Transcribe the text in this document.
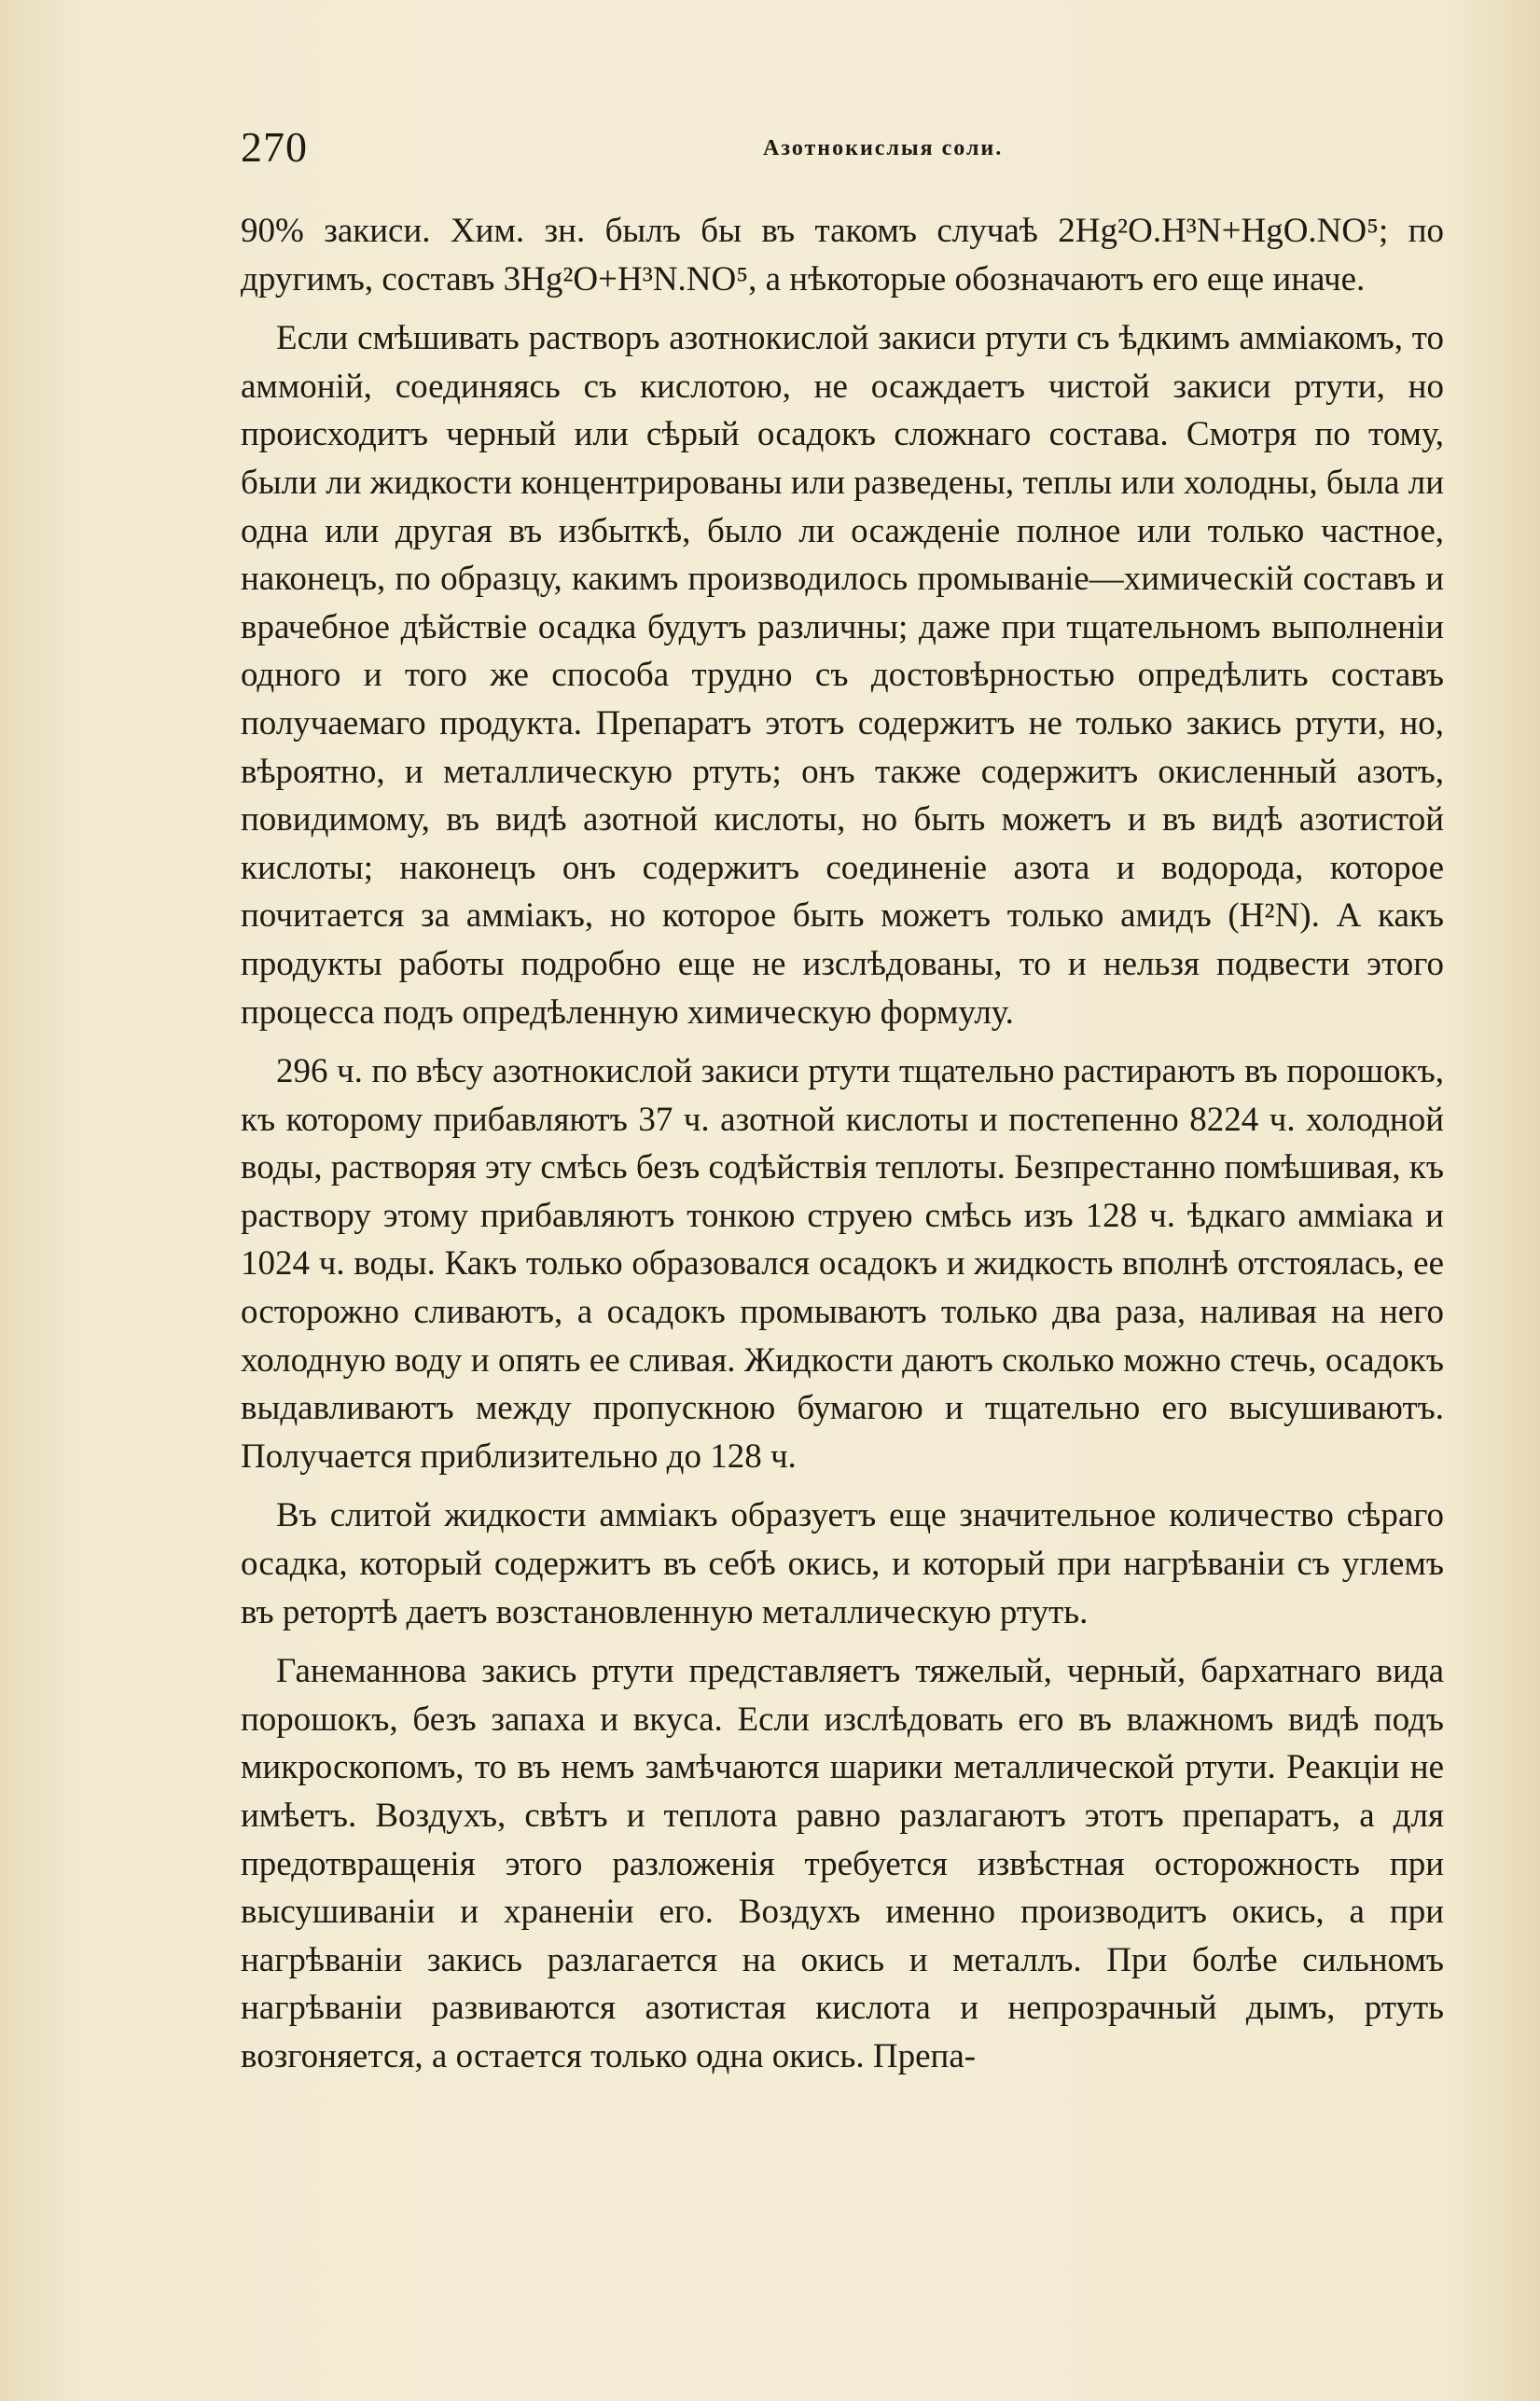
270	Азотнокислыя соли.

90% закиси. Хим. зн. былъ бы въ такомъ случаѣ 2Hg²O.H³N+HgO.NO⁵; по другимъ, составъ 3Hg²O+H³N.NO⁵, а нѣкоторые обозначаютъ его еще иначе.

Если смѣшивать растворъ азотнокислой закиси ртути съ ѣдкимъ аммiакомъ, то аммонiй, соединяясь съ кислотою, не осаждаетъ чистой закиси ртути, но происходитъ черный или сѣрый осадокъ сложнаго состава. Смотря по тому, были ли жидкости концентрированы или разведены, теплы или холодны, была ли одна или другая въ избыткѣ, было ли осажденiе полное или только частное, наконецъ, по образцу, какимъ производилось промыванiе—химическiй составъ и врачебное дѣйствiе осадка будутъ различны; даже при тщательномъ выполненiи одного и того же способа трудно съ достовѣрностью опредѣлить составъ получаемаго продукта. Препаратъ этотъ содержитъ не только закись ртути, но, вѣроятно, и металлическую ртуть; онъ также содержитъ окисленный азотъ, повидимому, въ видѣ азотной кислоты, но быть можетъ и въ видѣ азотистой кислоты; наконецъ онъ содержитъ соединенiе азота и водорода, которое почитается за аммiакъ, но которое быть можетъ только амидъ (H²N). А какъ продукты работы подробно еще не изслѣдованы, то и нельзя подвести этого процесса подъ опредѣленную химическую формулу.

296 ч. по вѣсу азотнокислой закиси ртути тщательно растираютъ въ порошокъ, къ которому прибавляютъ 37 ч. азотной кислоты и постепенно 8224 ч. холодной воды, растворяя эту смѣсь безъ содѣйствiя теплоты. Безпрестанно помѣшивая, къ раствору этому прибавляютъ тонкою струею смѣсь изъ 128 ч. ѣдкаго аммiака и 1024 ч. воды. Какъ только образовался осадокъ и жидкость вполнѣ отстоялась, ее осторожно сливаютъ, а осадокъ промываютъ только два раза, наливая на него холодную воду и опять ее сливая. Жидкости даютъ сколько можно стечь, осадокъ выдавливаютъ между пропускною бумагою и тщательно его высушиваютъ. Получается приблизительно до 128 ч.

Въ слитой жидкости аммiакъ образуетъ еще значительное количество сѣраго осадка, который содержитъ въ себѣ окись, и который при нагрѣванiи съ углемъ въ ретортѣ даетъ возстановленную металлическую ртуть.

Ганеманнова закись ртути представляетъ тяжелый, черный, бархатнаго вида порошокъ, безъ запаха и вкуса. Если изслѣдовать его въ влажномъ видѣ подъ микроскопомъ, то въ немъ замѣчаются шарики металлической ртути. Реакцiи не имѣетъ. Воздухъ, свѣтъ и теплота равно разлагаютъ этотъ препаратъ, а для предотвращенiя этого разложенiя требуется извѣстная осторожность при высушиванiи и храненiи его. Воздухъ именно производитъ окись, а при нагрѣванiи закись разлагается на окись и металлъ. При болѣе сильномъ нагрѣванiи развиваются азотистая кислота и непрозрачный дымъ, ртуть возгоняется, а остается только одна окись. Препа-
